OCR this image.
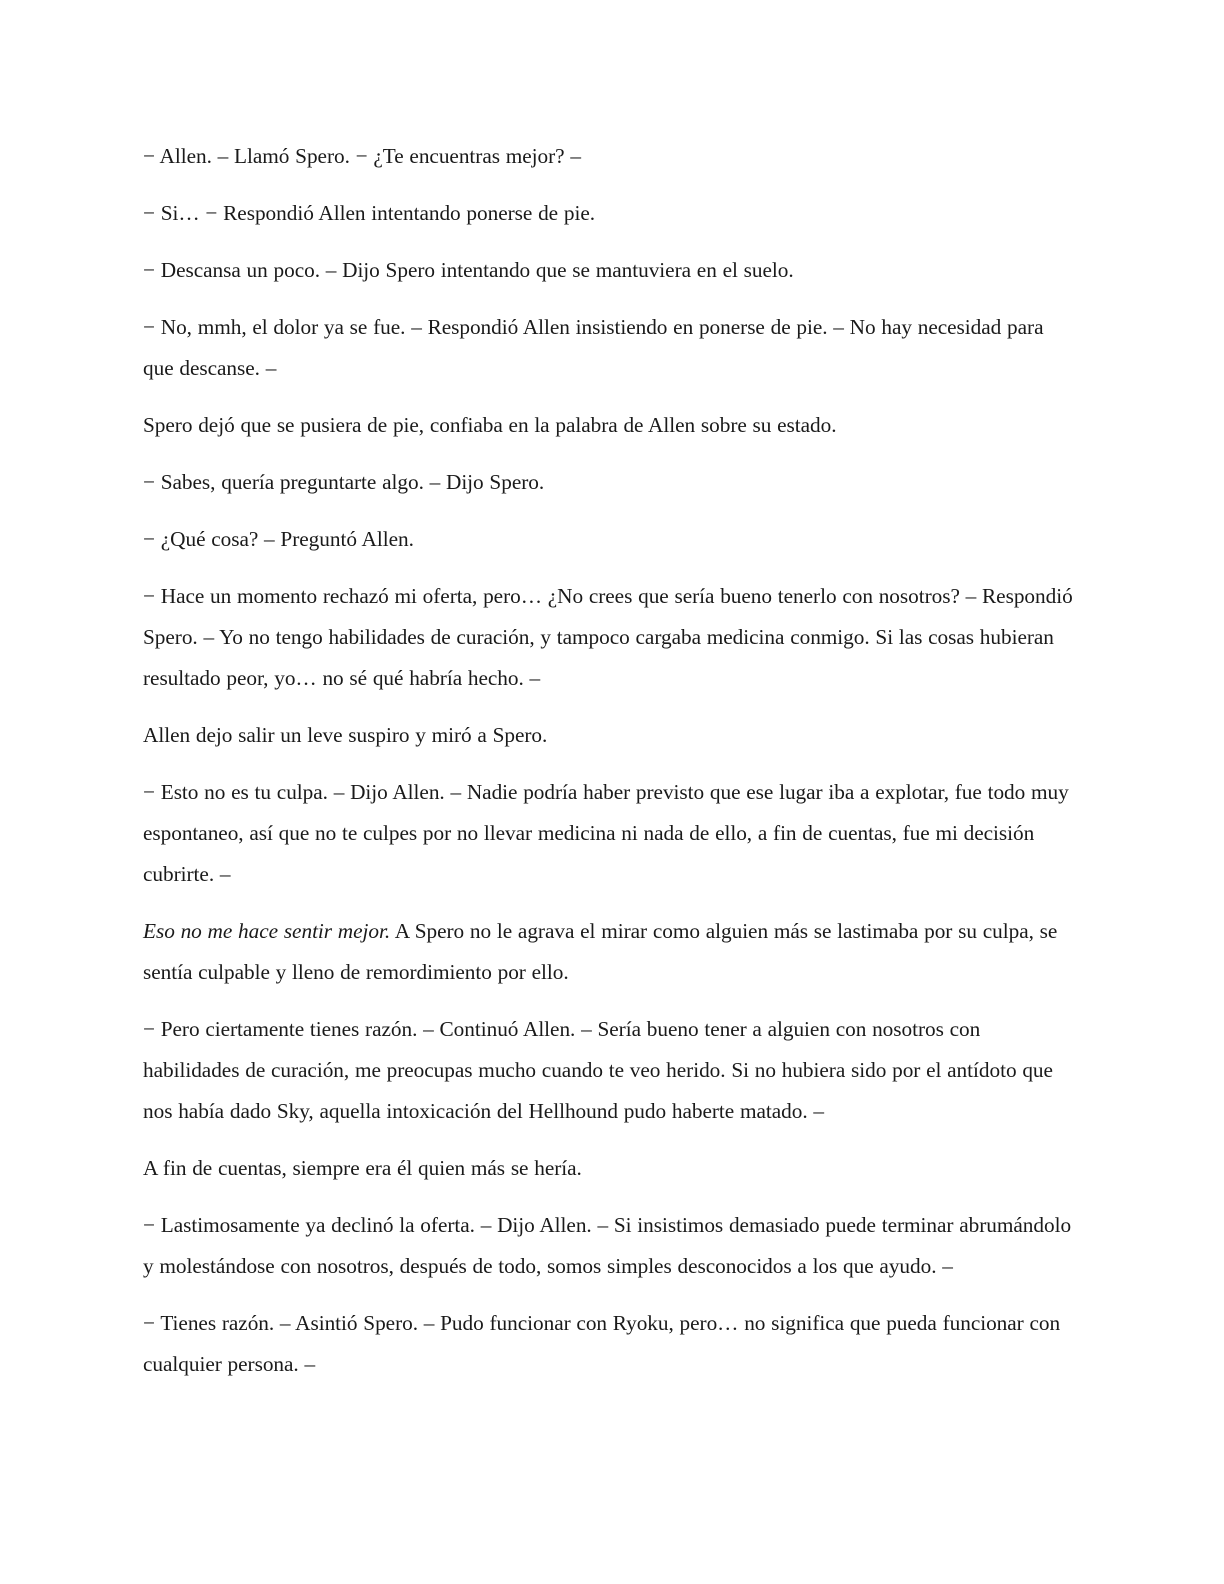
− Allen. – Llamó Spero. − ¿Te encuentras mejor? –

− Si… − Respondió Allen intentando ponerse de pie.

− Descansa un poco. – Dijo Spero intentando que se mantuviera en el suelo.

− No, mmh, el dolor ya se fue. – Respondió Allen insistiendo en ponerse de pie. – No hay necesidad para que descanse. –

Spero dejó que se pusiera de pie, confiaba en la palabra de Allen sobre su estado.

− Sabes, quería preguntarte algo. – Dijo Spero.

− ¿Qué cosa? – Preguntó Allen.

− Hace un momento rechazó mi oferta, pero… ¿No crees que sería bueno tenerlo con nosotros? – Respondió Spero. – Yo no tengo habilidades de curación, y tampoco cargaba medicina conmigo. Si las cosas hubieran resultado peor, yo… no sé qué habría hecho. –

Allen dejo salir un leve suspiro y miró a Spero.

− Esto no es tu culpa. – Dijo Allen. – Nadie podría haber previsto que ese lugar iba a explotar, fue todo muy espontaneo, así que no te culpes por no llevar medicina ni nada de ello, a fin de cuentas, fue mi decisión cubrirte. –

Eso no me hace sentir mejor. A Spero no le agrava el mirar como alguien más se lastimaba por su culpa, se sentía culpable y lleno de remordimiento por ello.

− Pero ciertamente tienes razón. – Continuó Allen. – Sería bueno tener a alguien con nosotros con habilidades de curación, me preocupas mucho cuando te veo herido. Si no hubiera sido por el antídoto que nos había dado Sky, aquella intoxicación del Hellhound pudo haberte matado. –

A fin de cuentas, siempre era él quien más se hería.

− Lastimosamente ya declinó la oferta. – Dijo Allen. – Si insistimos demasiado puede terminar abrumándolo y molestándose con nosotros, después de todo, somos simples desconocidos a los que ayudo. –

− Tienes razón. – Asintió Spero. – Pudo funcionar con Ryoku, pero… no significa que pueda funcionar con cualquier persona. –
